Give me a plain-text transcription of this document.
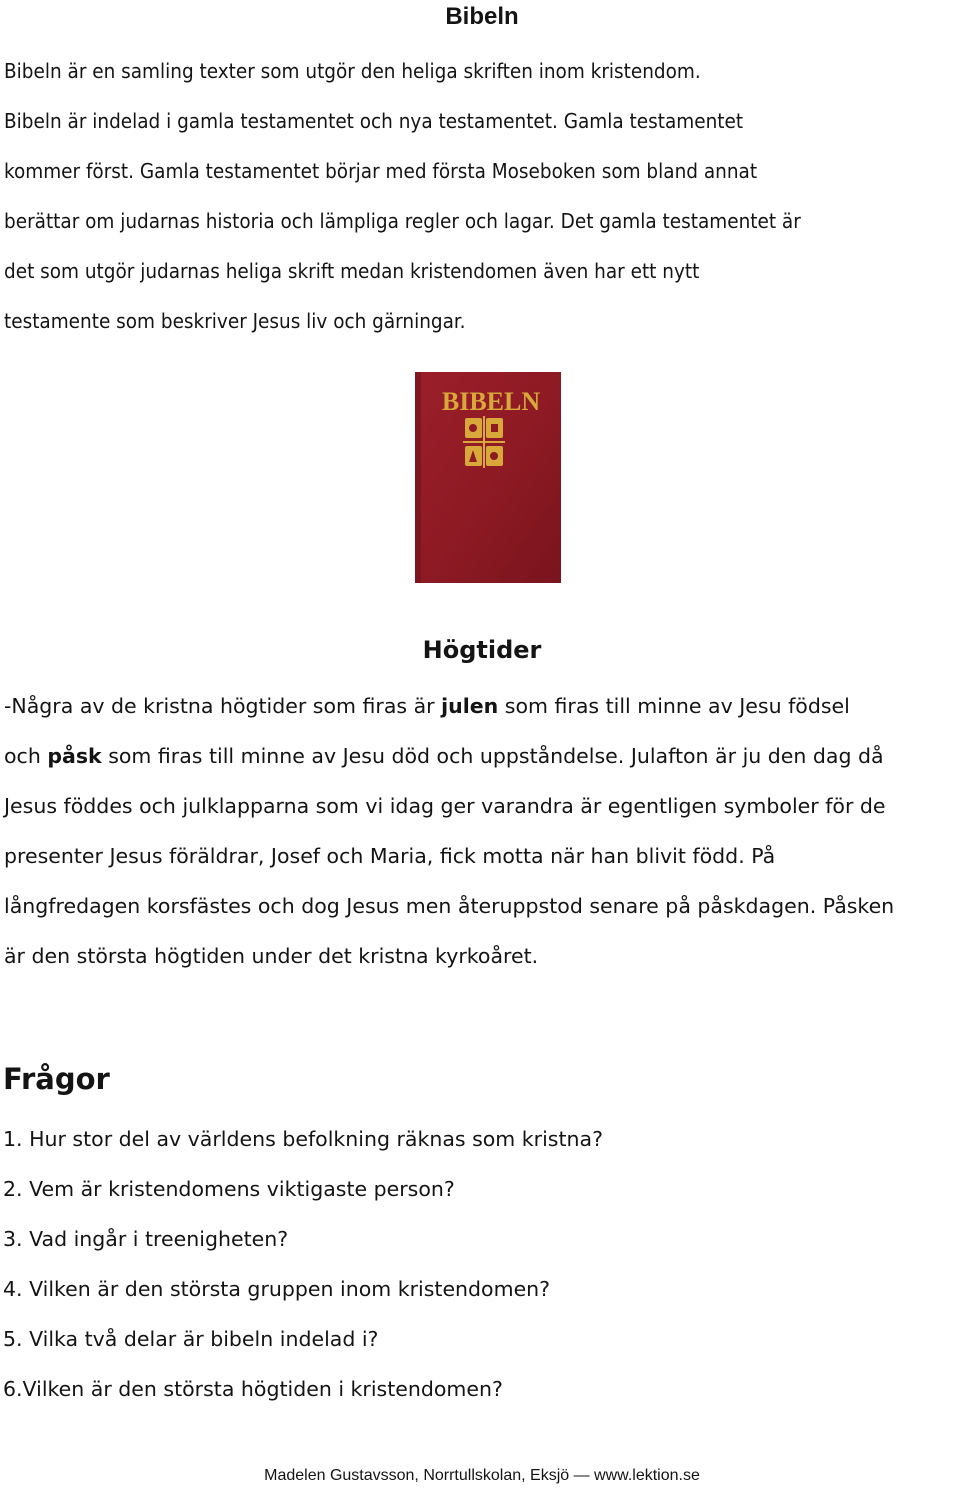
Bibeln
Bibeln är en samling texter som utgör den heliga skriften inom kristendom.
Bibeln är indelad i gamla testamentet och nya testamentet. Gamla testamentet
kommer först. Gamla testamentet börjar med första Moseboken som bland annat
berättar om judarnas historia och lämpliga regler och lagar. Det gamla testamentet är
det som utgör judarnas heliga skrift medan kristendomen även har ett nytt
testamente som beskriver Jesus liv och gärningar.
BIBELN
Högtider
-Några av de kristna högtider som firas är julen som firas till minne av Jesu födsel
och påsk som firas till minne av Jesu död och uppståndelse. Julafton är ju den dag då
Jesus föddes och julklapparna som vi idag ger varandra är egentligen symboler för de
presenter Jesus föräldrar, Josef och Maria, fick motta när han blivit född. På
långfredagen korsfästes och dog Jesus men återuppstod senare på påskdagen. Påsken
är den största högtiden under det kristna kyrkoåret.
Frågor
1. Hur stor del av världens befolkning räknas som kristna?
2. Vem är kristendomens viktigaste person?
3. Vad ingår i treenigheten?
4. Vilken är den största gruppen inom kristendomen?
5. Vilka två delar är bibeln indelad i?
6.Vilken är den största högtiden i kristendomen?
Madelen Gustavsson, Norrtullskolan, Eksjö — www.lektion.se
